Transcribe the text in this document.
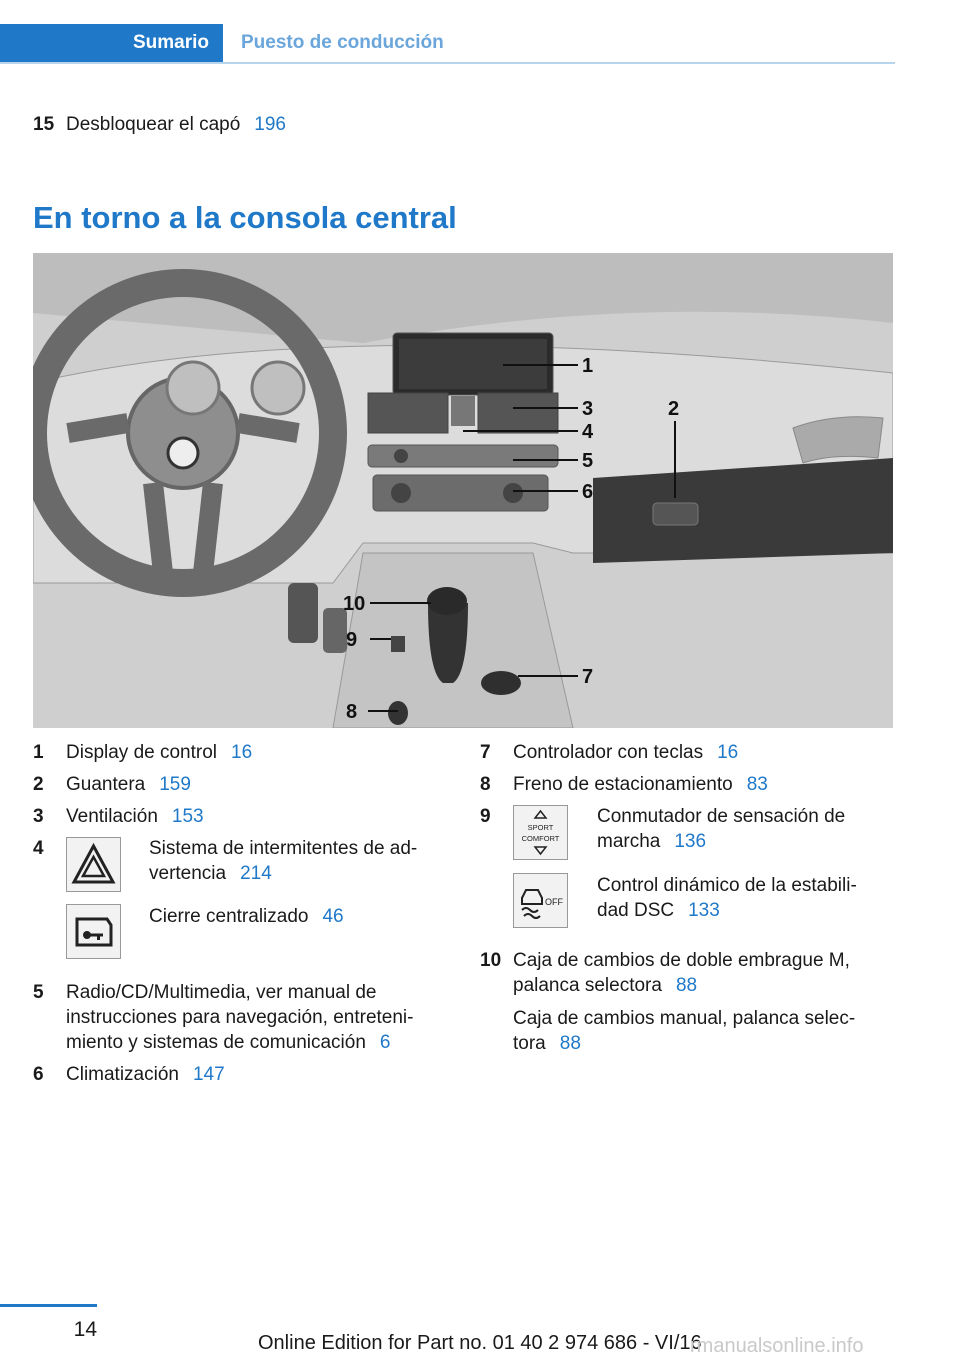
Sumario	Puesto de conducción
15 Desbloquear el capó 196
En torno a la consola central
1
2
3
4
5
6
7
8
9
10
1 Display de control 16
2 Guantera 159
3 Ventilación 153
4	Sistema de intermitentes de ad-
vertencia 214
Cierre centralizado 46
5 Radio/CD/Multimedia, ver manual de
instrucciones para navegación, entreteni-
miento y sistemas de comunicación 6
6 Climatización 147
7 Controlador con teclas 16
8 Freno de estacionamiento 83
9
SPORT
COMFORT
Conmutador de sensación de
marcha 136
OFF
Control dinámico de la estabili-
dad DSC 133
10 Caja de cambios de doble embrague M,
palanca selectora 88
Caja de cambios manual, palanca selec-
tora 88
14
Online Edition for Part no. 01 40 2 974 686 - VI/16
rmanualsonline.info
